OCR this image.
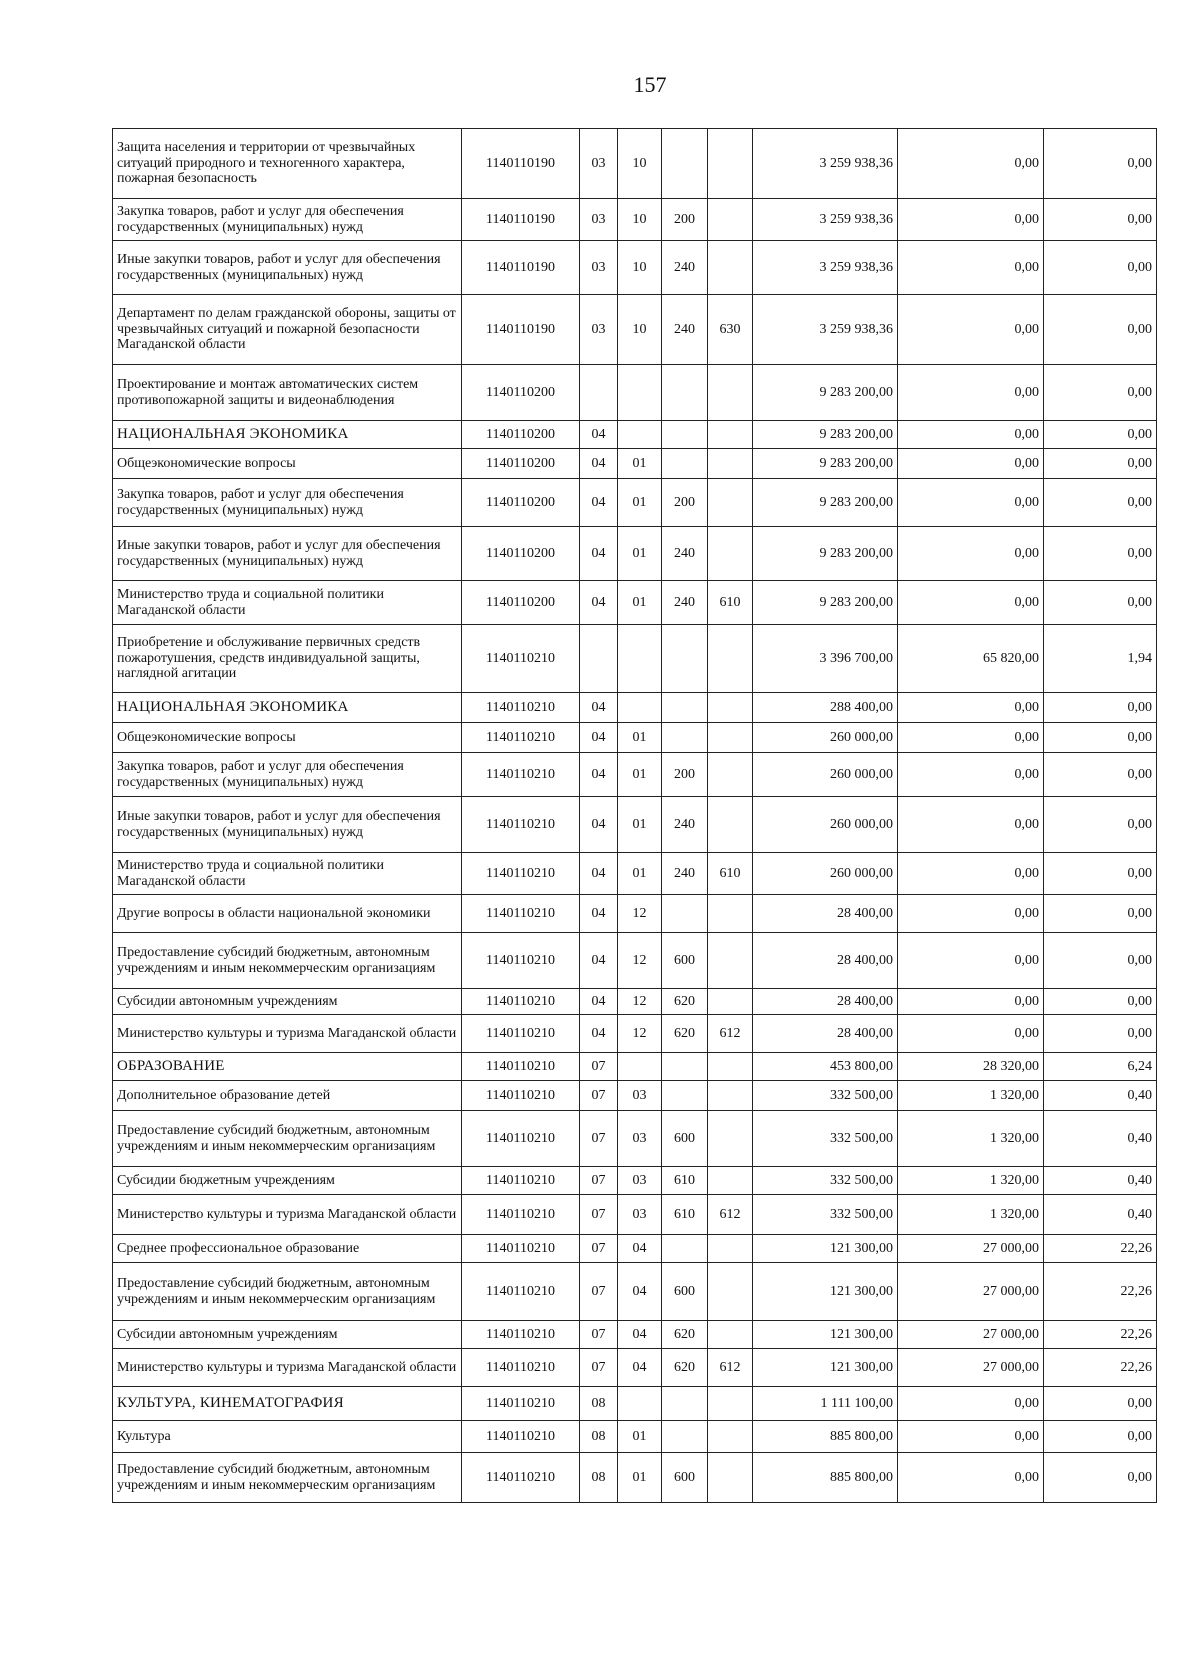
157
Защита населения и территории от чрезвычайных ситуаций природного и техногенного характера, пожарная безопасность	1140110190	03	10			3 259 938,36	0,00	0,00
Закупка товаров, работ и услуг для обеспечения государственных (муниципальных) нужд	1140110190	03	10	200		3 259 938,36	0,00	0,00
Иные закупки товаров, работ и услуг для обеспечения государственных (муниципальных) нужд	1140110190	03	10	240		3 259 938,36	0,00	0,00
Департамент по делам гражданской обороны, защиты от чрезвычайных ситуаций и пожарной безопасности Магаданской области	1140110190	03	10	240	630	3 259 938,36	0,00	0,00
Проектирование и монтаж автоматических систем противопожарной защиты и видеонаблюдения	1140110200					9 283 200,00	0,00	0,00
НАЦИОНАЛЬНАЯ ЭКОНОМИКА	1140110200	04				9 283 200,00	0,00	0,00
Общеэкономические вопросы	1140110200	04	01			9 283 200,00	0,00	0,00
Закупка товаров, работ и услуг для обеспечения государственных (муниципальных) нужд	1140110200	04	01	200		9 283 200,00	0,00	0,00
Иные закупки товаров, работ и услуг для обеспечения государственных (муниципальных) нужд	1140110200	04	01	240		9 283 200,00	0,00	0,00
Министерство труда и социальной политики Магаданской области	1140110200	04	01	240	610	9 283 200,00	0,00	0,00
Приобретение и обслуживание первичных средств пожаротушения, средств индивидуальной защиты, наглядной агитации	1140110210					3 396 700,00	65 820,00	1,94
НАЦИОНАЛЬНАЯ ЭКОНОМИКА	1140110210	04				288 400,00	0,00	0,00
Общеэкономические вопросы	1140110210	04	01			260 000,00	0,00	0,00
Закупка товаров, работ и услуг для обеспечения государственных (муниципальных) нужд	1140110210	04	01	200		260 000,00	0,00	0,00
Иные закупки товаров, работ и услуг для обеспечения государственных (муниципальных) нужд	1140110210	04	01	240		260 000,00	0,00	0,00
Министерство труда и социальной политики Магаданской области	1140110210	04	01	240	610	260 000,00	0,00	0,00
Другие вопросы в области национальной экономики	1140110210	04	12			28 400,00	0,00	0,00
Предоставление субсидий бюджетным, автономным учреждениям и иным некоммерческим организациям	1140110210	04	12	600		28 400,00	0,00	0,00
Субсидии автономным учреждениям	1140110210	04	12	620		28 400,00	0,00	0,00
Министерство культуры и туризма Магаданской области	1140110210	04	12	620	612	28 400,00	0,00	0,00
ОБРАЗОВАНИЕ	1140110210	07				453 800,00	28 320,00	6,24
Дополнительное образование детей	1140110210	07	03			332 500,00	1 320,00	0,40
Предоставление субсидий бюджетным, автономным учреждениям и иным некоммерческим организациям	1140110210	07	03	600		332 500,00	1 320,00	0,40
Субсидии бюджетным учреждениям	1140110210	07	03	610		332 500,00	1 320,00	0,40
Министерство культуры и туризма Магаданской области	1140110210	07	03	610	612	332 500,00	1 320,00	0,40
Среднее профессиональное образование	1140110210	07	04			121 300,00	27 000,00	22,26
Предоставление субсидий бюджетным, автономным учреждениям и иным некоммерческим организациям	1140110210	07	04	600		121 300,00	27 000,00	22,26
Субсидии автономным учреждениям	1140110210	07	04	620		121 300,00	27 000,00	22,26
Министерство культуры и туризма Магаданской области	1140110210	07	04	620	612	121 300,00	27 000,00	22,26
КУЛЬТУРА, КИНЕМАТОГРАФИЯ	1140110210	08				1 111 100,00	0,00	0,00
Культура	1140110210	08	01			885 800,00	0,00	0,00
Предоставление субсидий бюджетным, автономным учреждениям и иным некоммерческим организациям	1140110210	08	01	600		885 800,00	0,00	0,00
